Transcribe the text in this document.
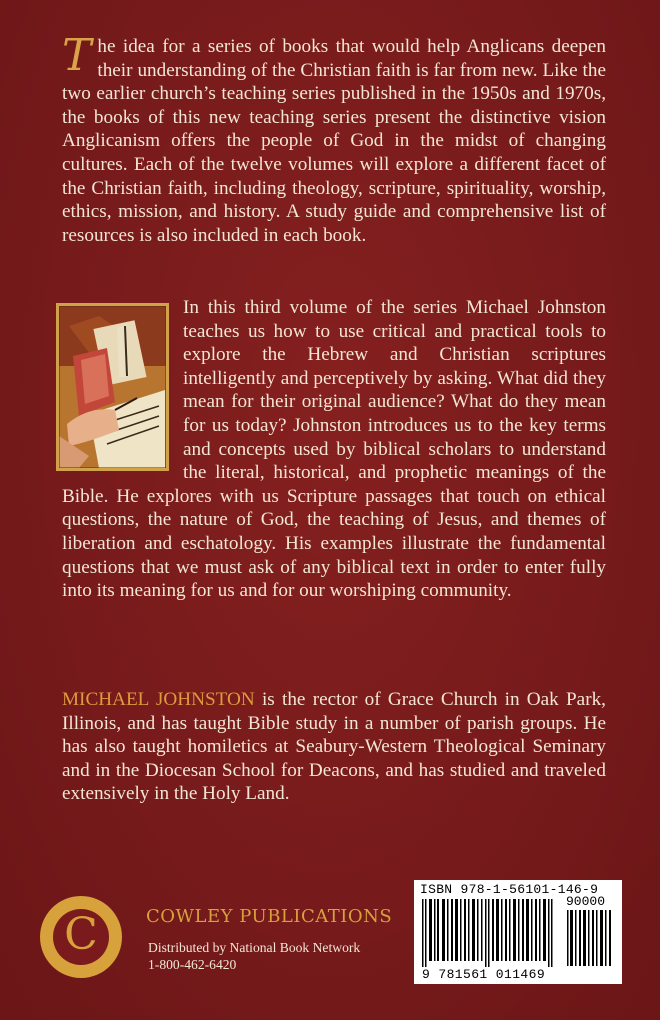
The idea for a series of books that would help Anglicans deepen their understanding of the Christian faith is far from new. Like the two earlier church’s teaching series published in the 1950s and 1970s, the books of this new teaching series present the distinctive vision Anglicanism offers the people of God in the midst of changing cultures. Each of the twelve volumes will explore a different facet of the Christian faith, including theology, scripture, spirituality, worship, ethics, mission, and history. A study guide and comprehensive list of resources is also included in each book.

In this third volume of the series Michael Johnston teaches us how to use critical and practical tools to explore the Hebrew and Christian scriptures intelligently and perceptively by asking. What did they mean for their original audience? What do they mean for us today? Johnston introduces us to the key terms and concepts used by biblical scholars to understand the literal, historical, and prophetic meanings of the Bible. He explores with us Scripture passages that touch on ethical questions, the nature of God, the teaching of Jesus, and themes of liberation and eschatology. His examples illustrate the fundamental questions that we must ask of any biblical text in order to enter fully into its meaning for us and for our worshiping community.

MICHAEL JOHNSTON is the rector of Grace Church in Oak Park, Illinois, and has taught Bible study in a number of parish groups. He has also taught homiletics at Seabury-Western Theological Seminary and in the Diocesan School for Deacons, and has studied and traveled extensively in the Holy Land.

C	COWLEY PUBLICATIONS

Distributed by National Book Network

1-800-462-6420

ISBN 978-1-56101-146-9
90000
9 781561 011469
